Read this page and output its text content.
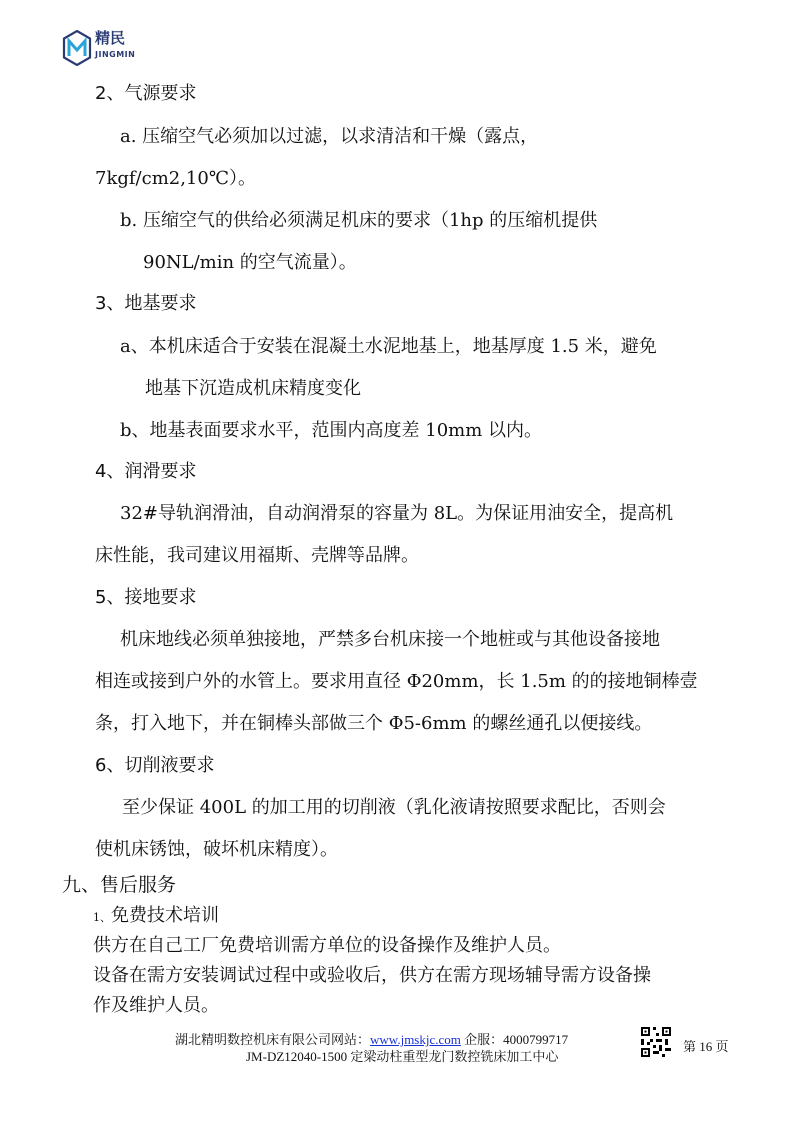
精民
JINGMIN
2、气源要求
a. 压缩空气必须加以过滤，以求清洁和干燥（露点，
7kgf/cm2,10℃）。
b. 压缩空气的供给必须满足机床的要求（1hp 的压缩机提供
90NL/min 的空气流量）。
3、地基要求
a、本机床适合于安装在混凝土水泥地基上，地基厚度 1.5 米，避免
地基下沉造成机床精度变化
b、地基表面要求水平，范围内高度差 10mm 以内。
4、润滑要求
32#导轨润滑油，自动润滑泵的容量为 8L。为保证用油安全，提高机
床性能，我司建议用福斯、壳牌等品牌。
5、接地要求
机床地线必须单独接地，严禁多台机床接一个地桩或与其他设备接地
相连或接到户外的水管上。要求用直径 Φ20mm，长 1.5m 的的接地铜棒壹
条，打入地下，并在铜棒头部做三个 Φ5-6mm 的螺丝通孔以便接线。
6、切削液要求
至少保证 400L 的加工用的切削液（乳化液请按照要求配比，否则会
使机床锈蚀，破坏机床精度）。
九、售后服务
1、免费技术培训
供方在自己工厂免费培训需方单位的设备操作及维护人员。
设备在需方安装调试过程中或验收后，供方在需方现场辅导需方设备操
作及维护人员。
湖北精明数控机床有限公司网站：www.jmskjc.com 企服：4000799717
JM-DZ12040-1500 定梁动柱重型龙门数控铣床加工中心
第 16 页
